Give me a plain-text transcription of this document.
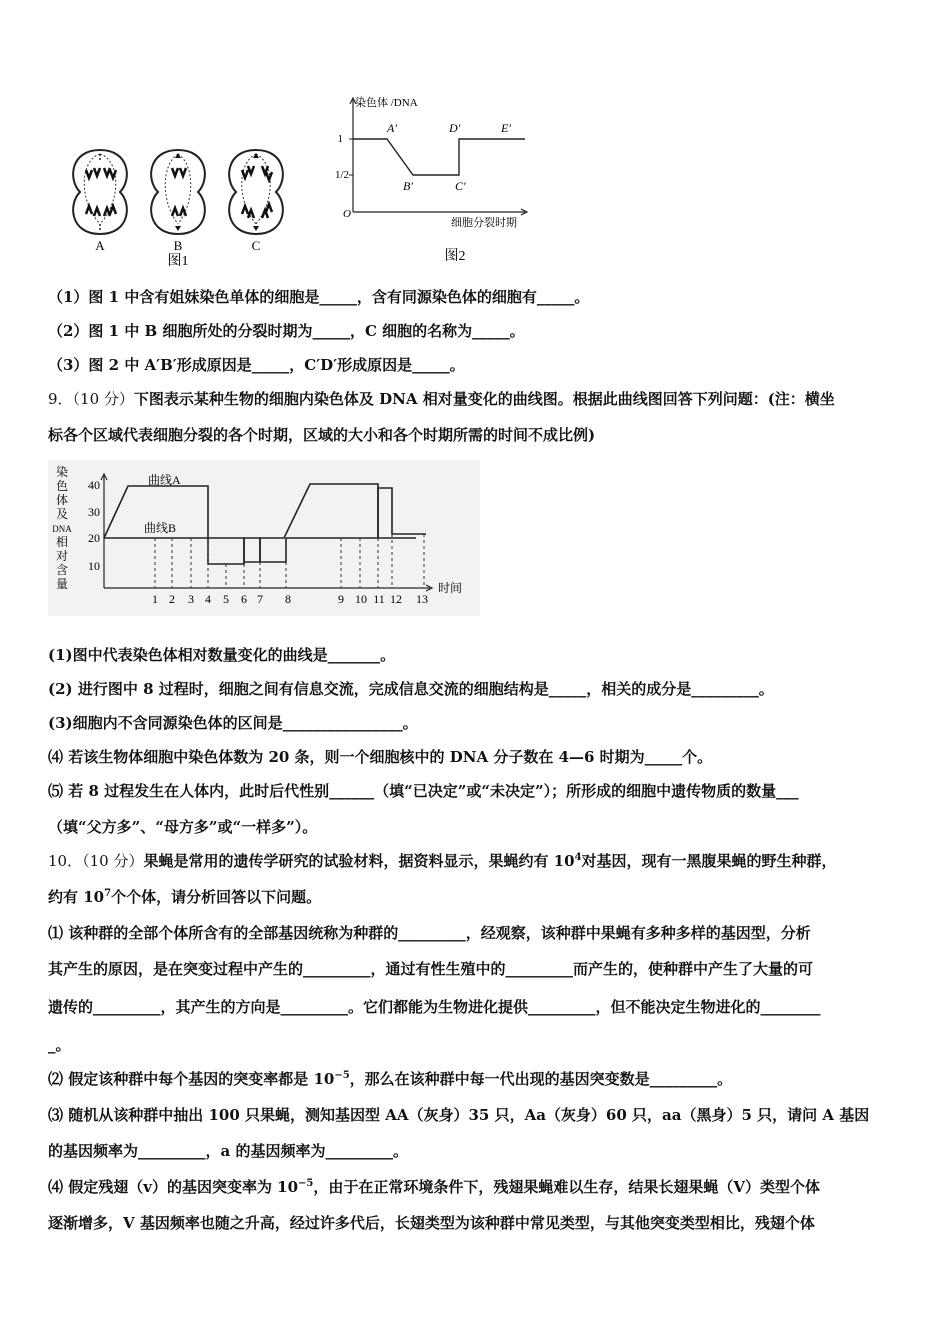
A	B	C
图1
染色体 /DNA
1
1/2
O
细胞分裂时期
A′
B′	C′
D′	E′
图2
（1）图 1 中含有姐妹染色单体的细胞是_____，含有同源染色体的细胞有_____。
（2）图 1 中 B 细胞所处的分裂时期为_____，C 细胞的名称为_____。
（3）图 2 中 A′B′形成原因是_____，C′D′形成原因是_____。
9．（10 分）下图表示某种生物的细胞内染色体及 DNA 相对量变化的曲线图。根据此曲线图回答下列问题：(注：横坐
标各个区域代表细胞分裂的各个时期，区域的大小和各个时期所需的时间不成比例)
染
色
体
及
DNA
相
对
含
量
10
20
30
40	曲线A
曲线B
1 2 3 4 5 6 7 8	9 10 11 12 13
时间
(1)图中代表染色体相对数量变化的曲线是_______。
(2) 进行图中 8 过程时，细胞之间有信息交流，完成信息交流的细胞结构是_____，相关的成分是_________。
(3)细胞内不含同源染色体的区间是________________。
⑷ 若该生物体细胞中染色体数为 20 条，则一个细胞核中的 DNA 分子数在 4—6 时期为_____个。
⑸ 若 8 过程发生在人体内，此时后代性别______（填“已决定”或“未决定”）；所形成的细胞中遗传物质的数量___
（填“父方多”、“母方多”或“一样多”）。
10．（10 分）果蝇是常用的遗传学研究的试验材料，据资料显示，果蝇约有 $10^4$对基因，现有一黑腹果蝇的野生种群，
约有 $10^7$个个体，请分析回答以下问题。
⑴ 该种群的全部个体所含有的全部基因统称为种群的_________，经观察，该种群中果蝇有多种多样的基因型，分析
其产生的原因，是在突变过程中产生的_________，通过有性生殖中的_________而产生的，使种群中产生了大量的可
遗传的_________，其产生的方向是_________。它们都能为生物进化提供_________，但不能决定生物进化的________
_。
⑵ 假定该种群中每个基因的突变率都是 $10^{-5}$，那么在该种群中每一代出现的基因突变数是_________。
⑶ 随机从该种群中抽出 100 只果蝇，测知基因型 AA（灰身）35 只，Aa（灰身）60 只，aa（黑身）5 只，请问 A 基因
的基因频率为_________，a 的基因频率为_________。
⑷ 假定残翅（v）的基因突变率为 $10^{-5}$，由于在正常环境条件下，残翅果蝇难以生存，结果长翅果蝇（V）类型个体
逐渐增多，V 基因频率也随之升高，经过许多代后，长翅类型为该种群中常见类型，与其他突变类型相比，残翅个体
